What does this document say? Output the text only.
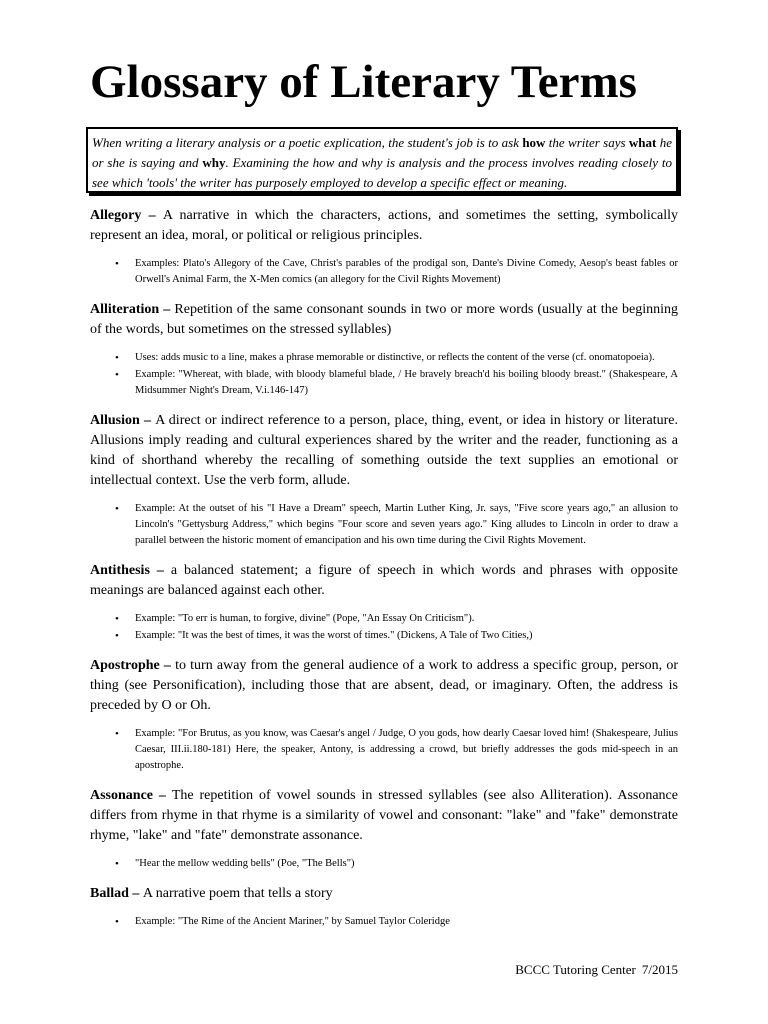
Glossary of Literary Terms
When writing a literary analysis or a poetic explication, the student's job is to ask how the writer says what he or she is saying and why. Examining the how and why is analysis and the process involves reading closely to see which 'tools' the writer has purposely employed to develop a specific effect or meaning.

Allegory – A narrative in which the characters, actions, and sometimes the setting, symbolically represent an idea, moral, or political or religious principles.

• Examples: Plato's Allegory of the Cave, Christ's parables of the prodigal son, Dante's Divine Comedy, Aesop's beast fables or Orwell's Animal Farm, the X-Men comics (an allegory for the Civil Rights Movement)

Alliteration – Repetition of the same consonant sounds in two or more words (usually at the beginning of the words, but sometimes on the stressed syllables)

• Uses: adds music to a line, makes a phrase memorable or distinctive, or reflects the content of the verse (cf. onomatopoeia).
• Example: "Whereat, with blade, with bloody blameful blade, / He bravely breach'd his boiling bloody breast." (Shakespeare, A Midsummer Night's Dream, V.i.146-147)

Allusion – A direct or indirect reference to a person, place, thing, event, or idea in history or literature. Allusions imply reading and cultural experiences shared by the writer and the reader, functioning as a kind of shorthand whereby the recalling of something outside the text supplies an emotional or intellectual context. Use the verb form, allude.

• Example: At the outset of his "I Have a Dream" speech, Martin Luther King, Jr. says, "Five score years ago," an allusion to Lincoln's "Gettysburg Address," which begins "Four score and seven years ago." King alludes to Lincoln in order to draw a parallel between the historic moment of emancipation and his own time during the Civil Rights Movement.

Antithesis – a balanced statement; a figure of speech in which words and phrases with opposite meanings are balanced against each other.

• Example: "To err is human, to forgive, divine" (Pope, "An Essay On Criticism").
• Example: "It was the best of times, it was the worst of times." (Dickens, A Tale of Two Cities,)

Apostrophe – to turn away from the general audience of a work to address a specific group, person, or thing (see Personification), including those that are absent, dead, or imaginary. Often, the address is preceded by O or Oh.

• Example: "For Brutus, as you know, was Caesar's angel / Judge, O you gods, how dearly Caesar loved him! (Shakespeare, Julius Caesar, III.ii.180-181) Here, the speaker, Antony, is addressing a crowd, but briefly addresses the gods mid-speech in an apostrophe.

Assonance – The repetition of vowel sounds in stressed syllables (see also Alliteration). Assonance differs from rhyme in that rhyme is a similarity of vowel and consonant: "lake" and "fake" demonstrate rhyme, "lake" and "fate" demonstrate assonance.

• "Hear the mellow wedding bells" (Poe, "The Bells")

Ballad – A narrative poem that tells a story

• Example: "The Rime of the Ancient Mariner," by Samuel Taylor Coleridge
BCCC Tutoring Center 7/2015
